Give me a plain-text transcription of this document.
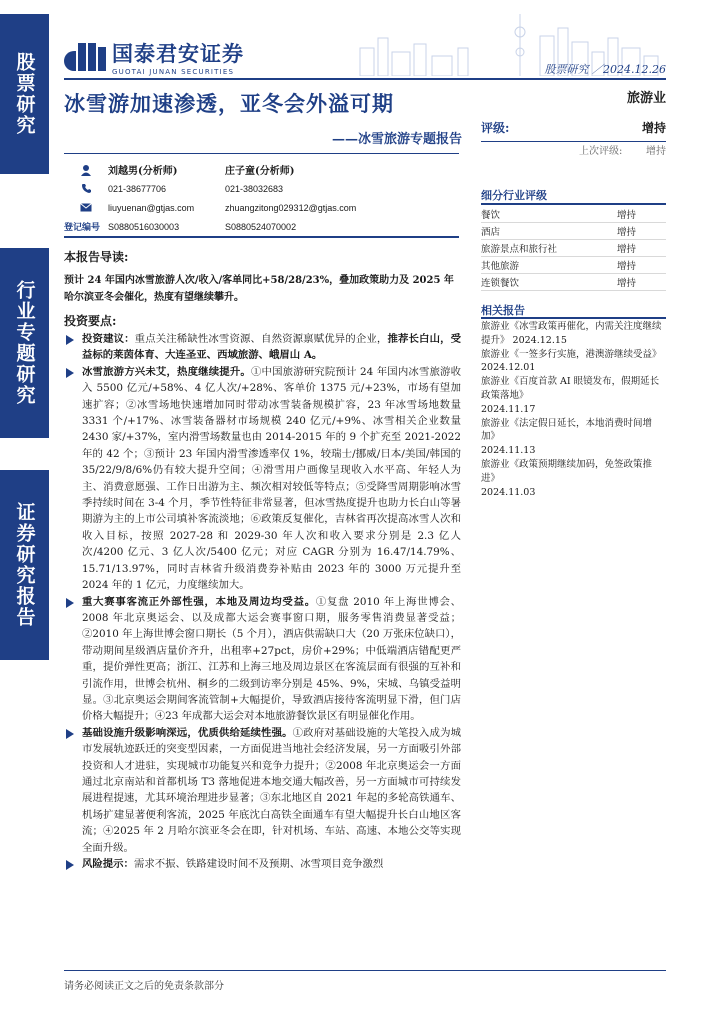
股票研究
行业专题研究
证券研究报告
国泰君安证券
GUOTAI JUNAN SECURITIES	股票研究 ／2024.12.26
冰雪游加速渗透，亚冬会外溢可期	旅游业
——冰雪旅游专题报告
评级:	增持
上次评级: 增持
刘越男(分析师)	庄子童(分析师)
021-38677706	021-38032683
liuyuenan@gtjas.com	zhuangzitong029312@gtjas.com
登记编号 S0880516030003	S0880524070002
本报告导读:

预计 24 年国内冰雪旅游人次/收入/客单同比+58/28/23%，叠加政策助力及 2025 年哈尔滨亚冬会催化，热度有望继续攀升。

投资要点:
投资建议：重点关注稀缺性冰雪资源、自然资源禀赋优异的企业，推荐长白山，受益标的莱茵体育、大连圣亚、西域旅游、峨眉山 A。
冰雪旅游方兴未艾，热度继续提升。①中国旅游研究院预计 24 年国内冰雪旅游收入 5500 亿元/+58%、4 亿人次/+28%、客单价 1375 元/+23%，市场有望加速扩容；②冰雪场地快速增加同时带动冰雪装备规模扩容，23 年冰雪场地数量 3331 个/+17%、冰雪装备器材市场规模 240 亿元/+9%、冰雪相关企业数量 2430 家/+37%，室内滑雪场数量也由 2014-2015 年的 9 个扩充至 2021-2022 年的 42 个；③预计 23 年国内滑雪渗透率仅 1%，较瑞士/挪威/日本/美国/韩国的 35/22/9/8/6%仍有较大提升空间；④滑雪用户画像呈现收入水平高、年轻人为主、消费意愿强、工作日出游为主、频次相对较低等特点；⑤受降雪周期影响冰雪季持续时间在 3-4 个月，季节性特征非常显著，但冰雪热度提升也助力长白山等暑期游为主的上市公司填补客流淡地；⑥政策反复催化，吉林省再次提高冰雪人次和收入目标，按照 2027-28 和 2029-30 年人次和收入要求分别是 2.3 亿人次/4200 亿元、3 亿人次/5400 亿元；对应 CAGR 分别为 16.47/14.79%、15.71/13.97%，同时吉林省升级消费券补贴由 2023 年的 3000 万元提升至 2024 年的 1 亿元，力度继续加大。
重大赛事客流正外部性强，本地及周边均受益。①复盘 2010 年上海世博会、2008 年北京奥运会、以及成都大运会赛事窗口期，服务零售消费显著受益；②2010 年上海世博会窗口期长（5 个月），酒店供需缺口大（20 万张床位缺口），带动期间星级酒店量价齐升，出租率+27pct，房价+29%；中低端酒店错配更严重，提价弹性更高；浙江、江苏和上海三地及周边景区在客流层面有很强的互补和引流作用，世博会杭州、桐乡的二级到访率分别是 45%、9%，宋城、乌镇受益明显。③北京奥运会期间客流管制+大幅提价，导致酒店接待客流明显下滑，但门店价格大幅提升；④23 年成都大运会对本地旅游餐饮景区有明显催化作用。
基础设施升级影响深远，优质供给延续性强。①政府对基础设施的大笔投入成为城市发展轨迹跃迁的突变型因素，一方面促进当地社会经济发展，另一方面吸引外部投资和人才进驻，实现城市功能复兴和竞争力提升；②2008 年北京奥运会一方面通过北京南站和首都机场 T3 落地促进本地交通大幅改善，另一方面城市可持续发展进程提速，尤其环境治理进步显著；③东北地区自 2021 年起的多轮高铁通车、机场扩建显著便利客流，2025 年底沈白高铁全面通车有望大幅提升长白山地区客流；④2025 年 2 月哈尔滨亚冬会在即，针对机场、车站、高速、本地公交等实现全面升级。
风险提示：需求不振、铁路建设时间不及预期、冰雪项目竞争激烈
细分行业评级
餐饮	增持
酒店	增持
旅游景点和旅行社	增持
其他旅游	增持
连锁餐饮	增持
相关报告
旅游业《冰雪政策再催化，内需关注度继续提升》 2024.12.15
旅游业《一签多行实施，港澳游继续受益》
2024.12.01
旅游业《百度首款 AI 眼镜发布，假期延长政策落地》
2024.11.17
旅游业《法定假日延长，本地消费时间增加》
2024.11.13
旅游业《政策预期继续加码，免签政策推进》
2024.11.03
请务必阅读正文之后的免责条款部分
